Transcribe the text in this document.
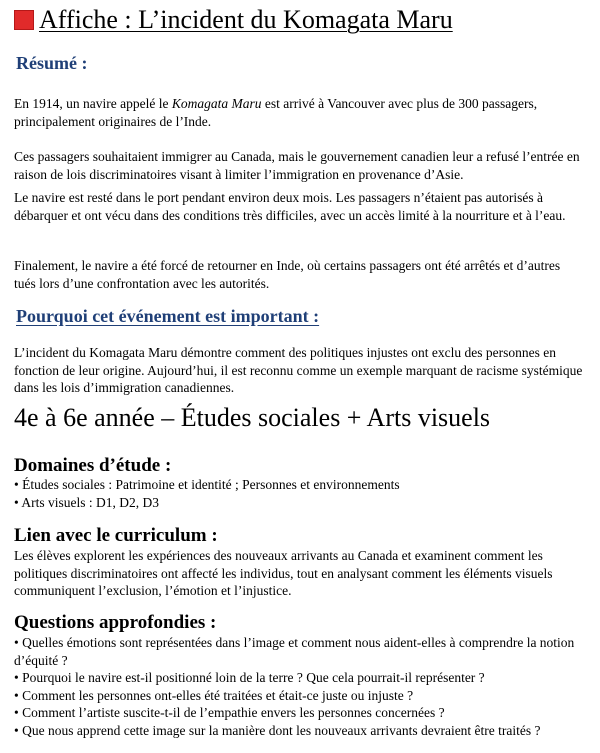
Affiche : L’incident du Komagata Maru
Résumé :
En 1914, un navire appelé le Komagata Maru est arrivé à Vancouver avec plus de 300 passagers, principalement originaires de l’Inde.
Ces passagers souhaitaient immigrer au Canada, mais le gouvernement canadien leur a refusé l’entrée en raison de lois discriminatoires visant à limiter l’immigration en provenance d’Asie.
Le navire est resté dans le port pendant environ deux mois. Les passagers n’étaient pas autorisés à débarquer et ont vécu dans des conditions très difficiles, avec un accès limité à la nourriture et à l’eau.
Finalement, le navire a été forcé de retourner en Inde, où certains passagers ont été arrêtés et d’autres tués lors d’une confrontation avec les autorités.
Pourquoi cet événement est important :
L’incident du Komagata Maru démontre comment des politiques injustes ont exclu des personnes en fonction de leur origine. Aujourd’hui, il est reconnu comme un exemple marquant de racisme systémique dans les lois d’immigration canadiennes.
4e à 6e année – Études sociales + Arts visuels
Domaines d’étude :
• Études sociales : Patrimoine et identité ; Personnes et environnements
• Arts visuels : D1, D2, D3
Lien avec le curriculum :
Les élèves explorent les expériences des nouveaux arrivants au Canada et examinent comment les politiques discriminatoires ont affecté les individus, tout en analysant comment les éléments visuels communiquent l’exclusion, l’émotion et l’injustice.
Questions approfondies :
• Quelles émotions sont représentées dans l’image et comment nous aident-elles à comprendre la notion d’équité ?
• Pourquoi le navire est-il positionné loin de la terre ? Que cela pourrait-il représenter ?
• Comment les personnes ont-elles été traitées et était-ce juste ou injuste ?
• Comment l’artiste suscite-t-il de l’empathie envers les personnes concernées ?
• Que nous apprend cette image sur la manière dont les nouveaux arrivants devraient être traités ?
